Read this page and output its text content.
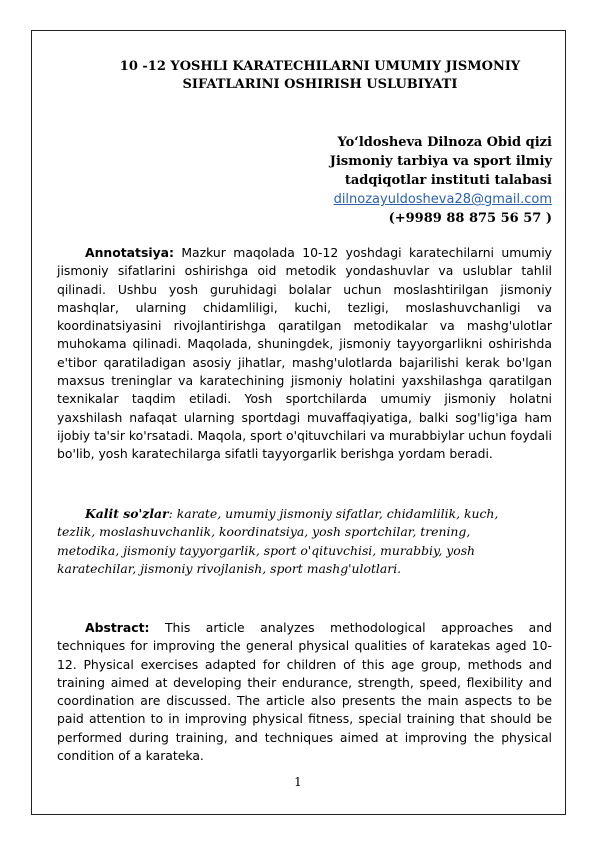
10 -12 YOSHLI KARATECHILARNI UMUMIY JISMONIY
SIFATLARINI OSHIRISH USLUBIYATI
Yo‘ldosheva Dilnoza Obid qizi
Jismoniy tarbiya va sport ilmiy
tadqiqotlar instituti talabasi
dilnozayuldosheva28@gmail.com
(+9989 88 875 56 57 )
Annotatsiya: Mazkur maqolada 10-12 yoshdagi karatechilarni umumiy jismoniy sifatlarini oshirishga oid metodik yondashuvlar va uslublar tahlil qilinadi. Ushbu yosh guruhidagi bolalar uchun moslashtirilgan jismoniy mashqlar, ularning chidamliligi, kuchi, tezligi, moslashuvchanligi va koordinatsiyasini rivojlantirishga qaratilgan metodikalar va mashg'ulotlar muhokama qilinadi. Maqolada, shuningdek, jismoniy tayyorgarlikni oshirishda e'tibor qaratiladigan asosiy jihatlar, mashg'ulotlarda bajarilishi kerak bo'lgan maxsus treninglar va karatechining jismoniy holatini yaxshilashga qaratilgan texnikalar taqdim etiladi. Yosh sportchilarda umumiy jismoniy holatni yaxshilash nafaqat ularning sportdagi muvaffaqiyatiga, balki sog'lig'iga ham ijobiy ta'sir ko'rsatadi. Maqola, sport o'qituvchilari va murabbiylar uchun foydali bo'lib, yosh karatechilarga sifatli tayyorgarlik berishga yordam beradi.
Kalit so'zlar: karate, umumiy jismoniy sifatlar, chidamlilik, kuch, tezlik, moslashuvchanlik, koordinatsiya, yosh sportchilar, trening, metodika, jismoniy tayyorgarlik, sport o'qituvchisi, murabbiy, yosh karatechilar, jismoniy rivojlanish, sport mashg'ulotlari.
Abstract: This article analyzes methodological approaches and techniques for improving the general physical qualities of karatekas aged 10-12. Physical exercises adapted for children of this age group, methods and training aimed at developing their endurance, strength, speed, flexibility and coordination are discussed. The article also presents the main aspects to be paid attention to in improving physical fitness, special training that should be performed during training, and techniques aimed at improving the physical condition of a karateka.
1
